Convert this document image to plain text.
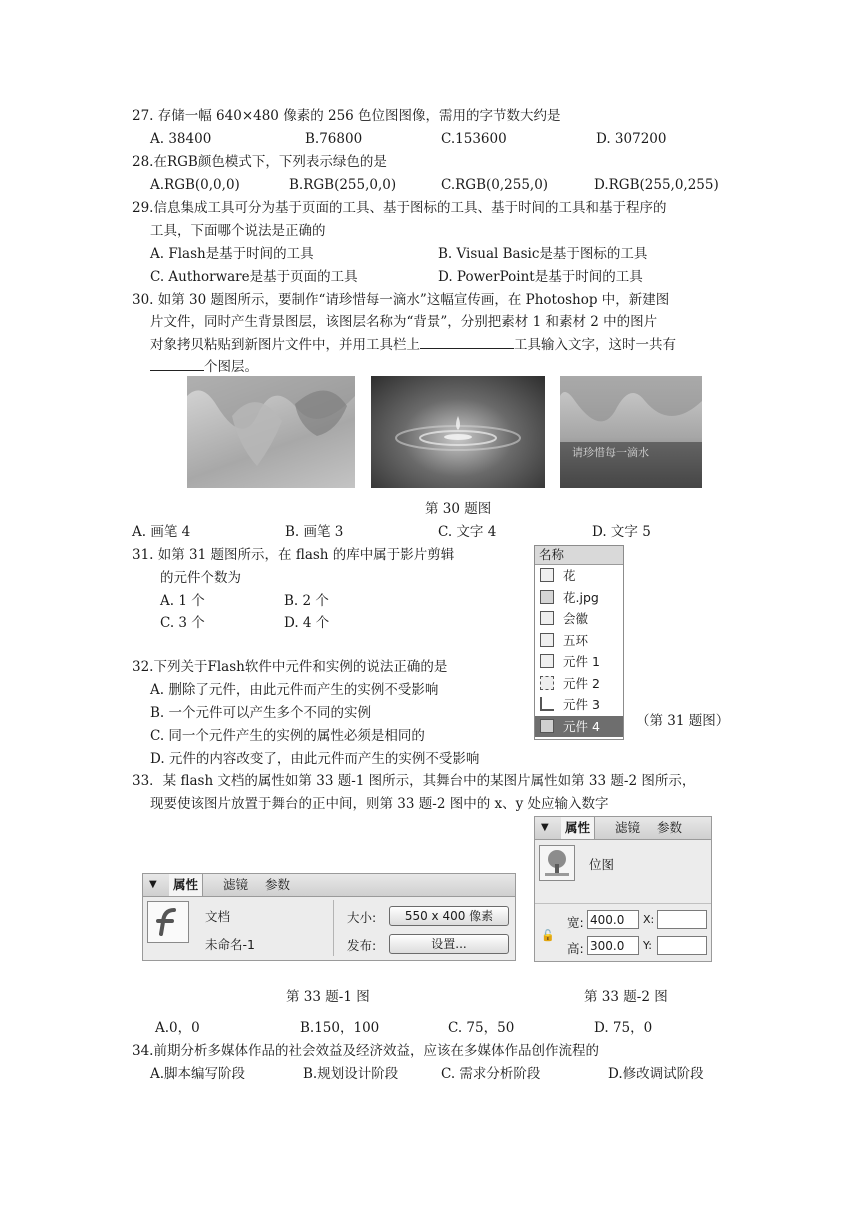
27. 存储一幅 640×480 像素的 256 色位图图像，需用的字节数大约是
A. 38400	B.76800	C.153600	D. 307200
28.在RGB颜色模式下，下列表示绿色的是
A.RGB(0,0,0)	B.RGB(255,0,0)	C.RGB(0,255,0)	D.RGB(255,0,255)
29.信息集成工具可分为基于页面的工具、基于图标的工具、基于时间的工具和基于程序的
工具，下面哪个说法是正确的
A. Flash是基于时间的工具	B. Visual Basic是基于图标的工具
C. Authorware是基于页面的工具	D. PowerPoint是基于时间的工具
30. 如第 30 题图所示，要制作“请珍惜每一滴水”这幅宣传画，在 Photoshop 中，新建图
片文件，同时产生背景图层，该图层名称为“背景”，分别把素材 1 和素材 2 中的图片
对象拷贝粘贴到新图片文件中，并用工具栏上	工具输入文字，这时一共有
个图层。
请珍惜每一滴水
第 30 题图
A. 画笔 4	B. 画笔 3	C. 文字 4	D. 文字 5
31. 如第 31 题图所示，在 flash 的库中属于影片剪辑
的元件个数为
A. 1 个	B. 2 个
C. 3 个	D. 4 个
名称
花
花.jpg
会徽
五环
元件 1
元件 2
元件 3
元件 4	（第 31 题图）
32.下列关于Flash软件中元件和实例的说法正确的是
A. 删除了元件，由此元件而产生的实例不受影响
B. 一个元件可以产生多个不同的实例
C. 同一个元件产生的实例的属性必须是相同的
D. 元件的内容改变了，由此元件而产生的实例不受影响
33．某 flash 文档的属性如第 33 题-1 图所示，其舞台中的某图片属性如第 33 题-2 图所示，
现要使该图片放置于舞台的正中间，则第 33 题-2 图中的 x、y 处应输入数字
▼	属性	滤镜 参数
文档
未命名-1
大小:	550 x 400 像素
发布:	设置...
▼	属性	滤镜 参数
位图
🔓
宽: 400.0	X:
高: 300.0	Y:
第 33 题-1 图	第 33 题-2 图
A.0，0	B.150，100	C. 75，50	D. 75，0
34.前期分析多媒体作品的社会效益及经济效益，应该在多媒体作品创作流程的
A.脚本编写阶段	B.规划设计阶段	C. 需求分析阶段	D.修改调试阶段
